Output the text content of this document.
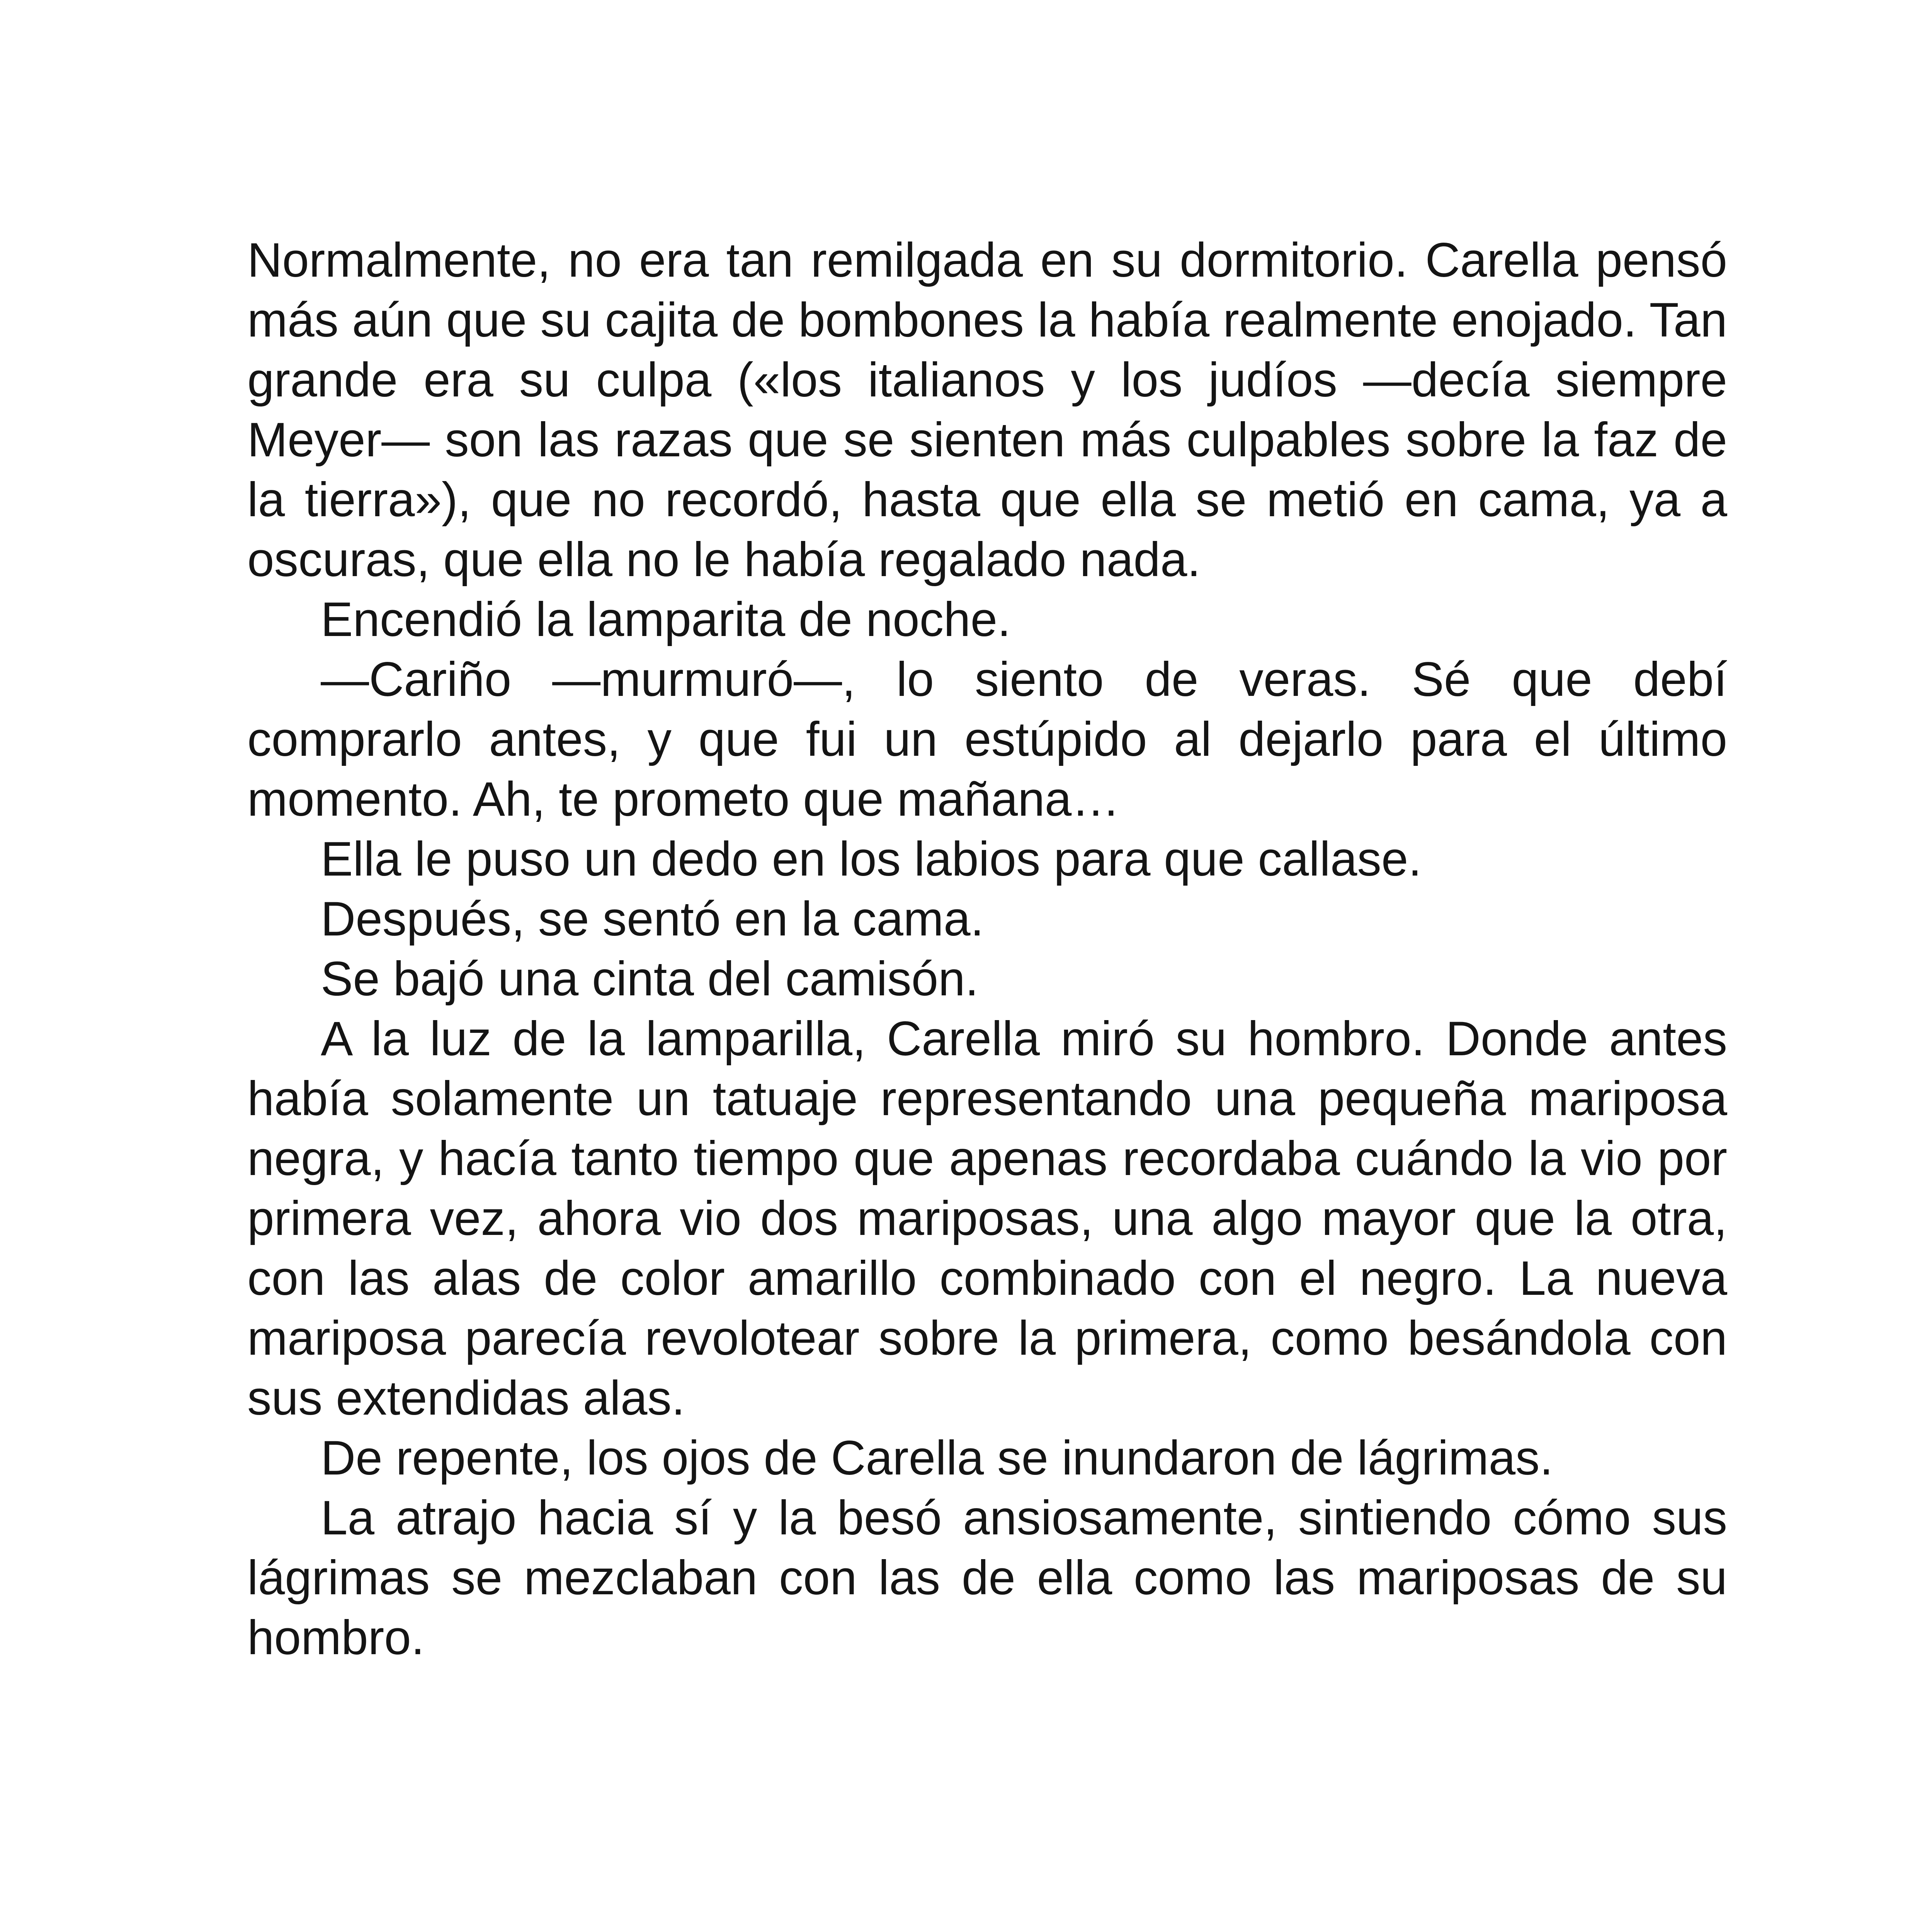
Normalmente, no era tan remilgada en su dormitorio. Carella pensó más aún que su cajita de bombones la había realmente enojado. Tan grande era su culpa («los italianos y los judíos —decía siempre Meyer— son las razas que se sienten más culpables sobre la faz de la tierra»), que no recordó, hasta que ella se metió en cama, ya a oscuras, que ella no le había regalado nada.

Encendió la lamparita de noche.

—Cariño —murmuró—, lo siento de veras. Sé que debí comprarlo antes, y que fui un estúpido al dejarlo para el último momento. Ah, te prometo que mañana…

Ella le puso un dedo en los labios para que callase.

Después, se sentó en la cama.

Se bajó una cinta del camisón.

A la luz de la lamparilla, Carella miró su hombro. Donde antes había solamente un tatuaje representando una pequeña mariposa negra, y hacía tanto tiempo que apenas recordaba cuándo la vio por primera vez, ahora vio dos mariposas, una algo mayor que la otra, con las alas de color amarillo combinado con el negro. La nueva mariposa parecía revolotear sobre la primera, como besándola con sus extendidas alas.

De repente, los ojos de Carella se inundaron de lágrimas.

La atrajo hacia sí y la besó ansiosamente, sintiendo cómo sus lágrimas se mezclaban con las de ella como las mariposas de su hombro.
